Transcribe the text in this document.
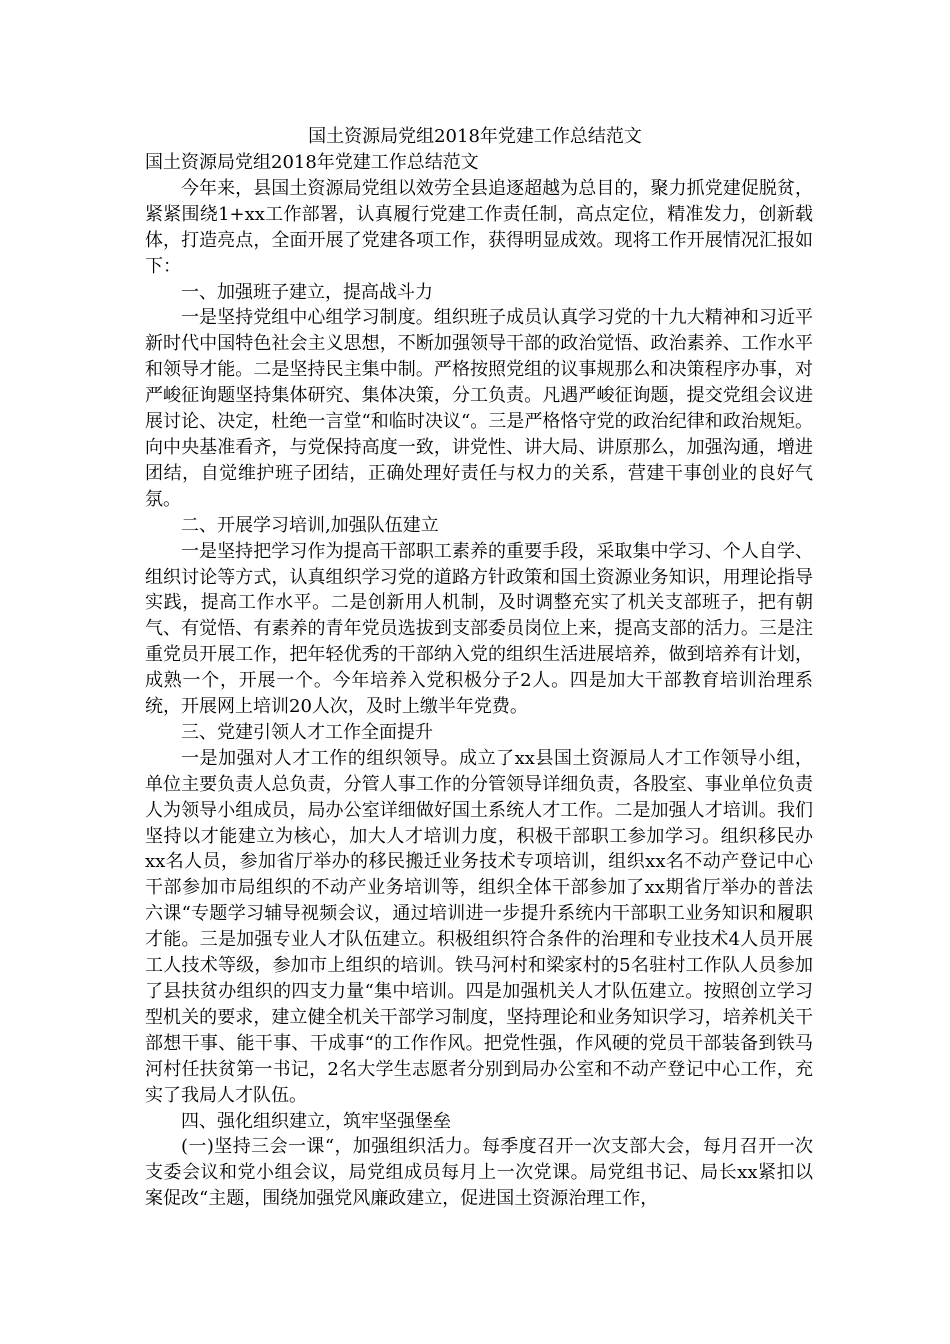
国土资源局党组2018年党建工作总结范文

国土资源局党组2018年党建工作总结范文

今年来，县国土资源局党组以效劳全县追逐超越为总目的，聚力抓党建促脱贫，紧紧围绕1+xx工作部署，认真履行党建工作责任制，高点定位，精准发力，创新载体，打造亮点，全面开展了党建各项工作，获得明显成效。现将工作开展情况汇报如下：

一、加强班子建立，提高战斗力

一是坚持党组中心组学习制度。组织班子成员认真学习党的十九大精神和习近平新时代中国特色社会主义思想，不断加强领导干部的政治觉悟、政治素养、工作水平和领导才能。二是坚持民主集中制。严格按照党组的议事规那么和决策程序办事，对严峻征询题坚持集体研究、集体决策，分工负责。凡遇严峻征询题，提交党组会议进展讨论、决定，杜绝一言堂“和临时决议“。三是严格恪守党的政治纪律和政治规矩。向中央基准看齐，与党保持高度一致，讲党性、讲大局、讲原那么，加强沟通，增进团结，自觉维护班子团结，正确处理好责任与权力的关系，营建干事创业的良好气氛。

二、开展学习培训,加强队伍建立

一是坚持把学习作为提高干部职工素养的重要手段，采取集中学习、个人自学、组织讨论等方式，认真组织学习党的道路方针政策和国土资源业务知识，用理论指导实践，提高工作水平。二是创新用人机制，及时调整充实了机关支部班子，把有朝气、有觉悟、有素养的青年党员选拔到支部委员岗位上来，提高支部的活力。三是注重党员开展工作，把年轻优秀的干部纳入党的组织生活进展培养，做到培养有计划，成熟一个，开展一个。今年培养入党积极分子2人。四是加大干部教育培训治理系统，开展网上培训20人次，及时上缴半年党费。

三、党建引领人才工作全面提升

一是加强对人才工作的组织领导。成立了xx县国土资源局人才工作领导小组，单位主要负责人总负责，分管人事工作的分管领导详细负责，各股室、事业单位负责人为领导小组成员，局办公室详细做好国土系统人才工作。二是加强人才培训。我们坚持以才能建立为核心，加大人才培训力度，积极干部职工参加学习。组织移民办xx名人员，参加省厅举办的移民搬迁业务技术专项培训，组织xx名不动产登记中心干部参加市局组织的不动产业务培训等，组织全体干部参加了xx期省厅举办的普法六课“专题学习辅导视频会议，通过培训进一步提升系统内干部职工业务知识和履职才能。三是加强专业人才队伍建立。积极组织符合条件的治理和专业技术4人员开展工人技术等级，参加市上组织的培训。铁马河村和梁家村的5名驻村工作队人员参加了县扶贫办组织的四支力量“集中培训。四是加强机关人才队伍建立。按照创立学习型机关的要求，建立健全机关干部学习制度，坚持理论和业务知识学习，培养机关干部想干事、能干事、干成事“的工作作风。把党性强，作风硬的党员干部装备到铁马河村任扶贫第一书记，2名大学生志愿者分别到局办公室和不动产登记中心工作，充实了我局人才队伍。

四、强化组织建立，筑牢坚强堡垒

(一)坚持三会一课“，加强组织活力。每季度召开一次支部大会，每月召开一次支委会议和党小组会议，局党组成员每月上一次党课。局党组书记、局长xx紧扣以案促改“主题，围绕加强党风廉政建立，促进国土资源治理工作，
